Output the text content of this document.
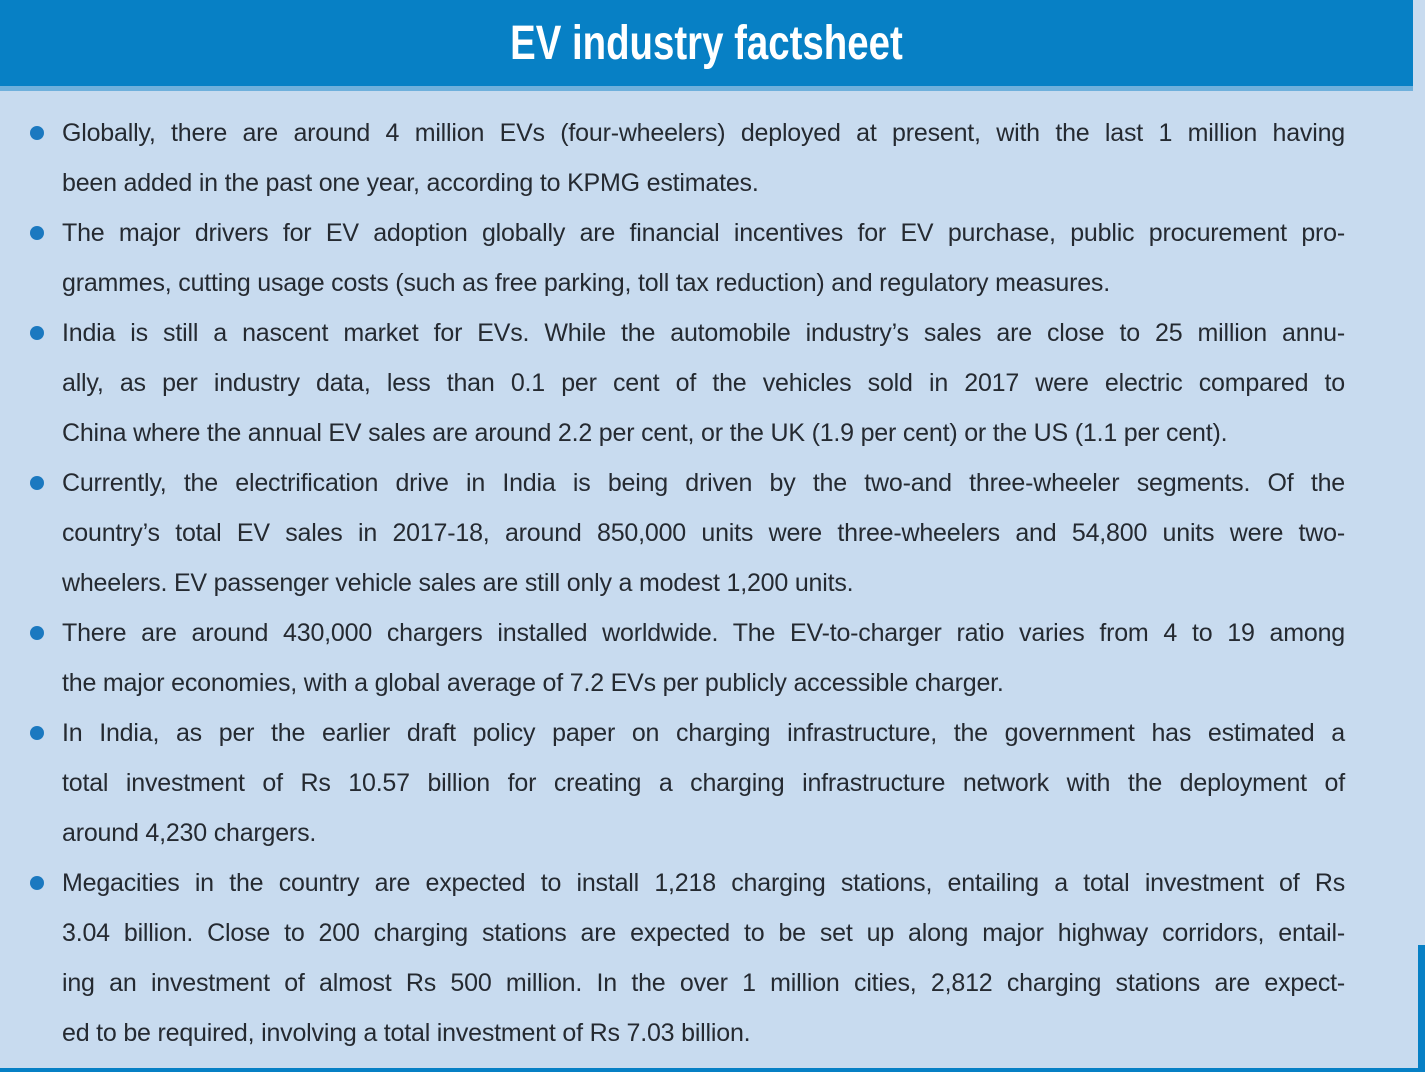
EV industry factsheet
Globally, there are around 4 million EVs (four-wheelers) deployed at present, with the last 1 million having
been added in the past one year, according to KPMG estimates.
The major drivers for EV adoption globally are financial incentives for EV purchase, public procurement pro-
grammes, cutting usage costs (such as free parking, toll tax reduction) and regulatory measures.
India is still a nascent market for EVs. While the automobile industry’s sales are close to 25 million annu-
ally, as per industry data, less than 0.1 per cent of the vehicles sold in 2017 were electric compared to
China where the annual EV sales are around 2.2 per cent, or the UK (1.9 per cent) or the US (1.1 per cent).
Currently, the electrification drive in India is being driven by the two-and three-wheeler segments. Of the
country’s total EV sales in 2017-18, around 850,000 units were three-wheelers and 54,800 units were two-
wheelers. EV passenger vehicle sales are still only a modest 1,200 units.
There are around 430,000 chargers installed worldwide. The EV-to-charger ratio varies from 4 to 19 among
the major economies, with a global average of 7.2 EVs per publicly accessible charger.
In India, as per the earlier draft policy paper on charging infrastructure, the government has estimated a
total investment of Rs 10.57 billion for creating a charging infrastructure network with the deployment of
around 4,230 chargers.
Megacities in the country are expected to install 1,218 charging stations, entailing a total investment of Rs
3.04 billion. Close to 200 charging stations are expected to be set up along major highway corridors, entail-
ing an investment of almost Rs 500 million. In the over 1 million cities, 2,812 charging stations are expect-
ed to be required, involving a total investment of Rs 7.03 billion.
